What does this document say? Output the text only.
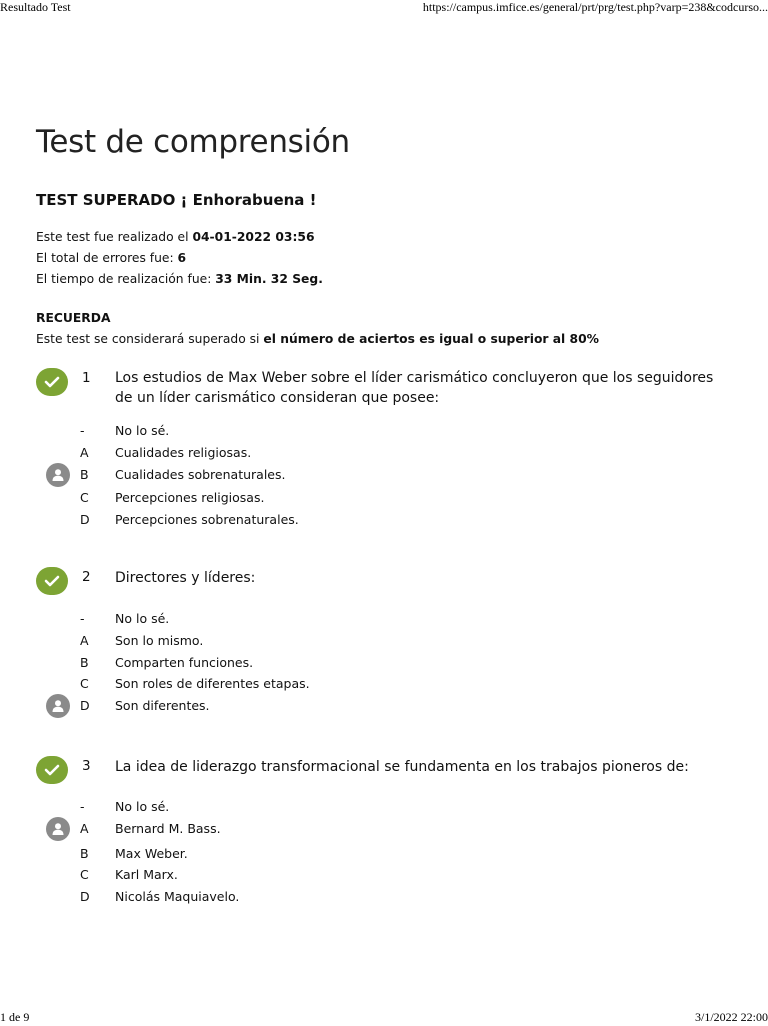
Resultado Test	https://campus.imfice.es/general/prt/prg/test.php?varp=238&codcurso...
Test de comprensión
TEST SUPERADO ¡ Enhorabuena !
Este test fue realizado el 04-01-2022 03:56
El total de errores fue: 6
El tiempo de realización fue: 33 Min. 32 Seg.
RECUERDA
Este test se considerará superado si el número de aciertos es igual o superior al 80%
1 Los estudios de Max Weber sobre el líder carismático concluyeron que los seguidores de un líder carismático consideran que posee:
-	No lo sé.
A Cualidades religiosas.
B Cualidades sobrenaturales.
C Percepciones religiosas.
D Percepciones sobrenaturales.
2 Directores y líderes:
-	No lo sé.
A Son lo mismo.
B Comparten funciones.
C Son roles de diferentes etapas.
D Son diferentes.
3 La idea de liderazgo transformacional se fundamenta en los trabajos pioneros de:
-	No lo sé.
A Bernard M. Bass.
B Max Weber.
C Karl Marx.
D Nicolás Maquiavelo.
1 de 9	3/1/2022 22:00
